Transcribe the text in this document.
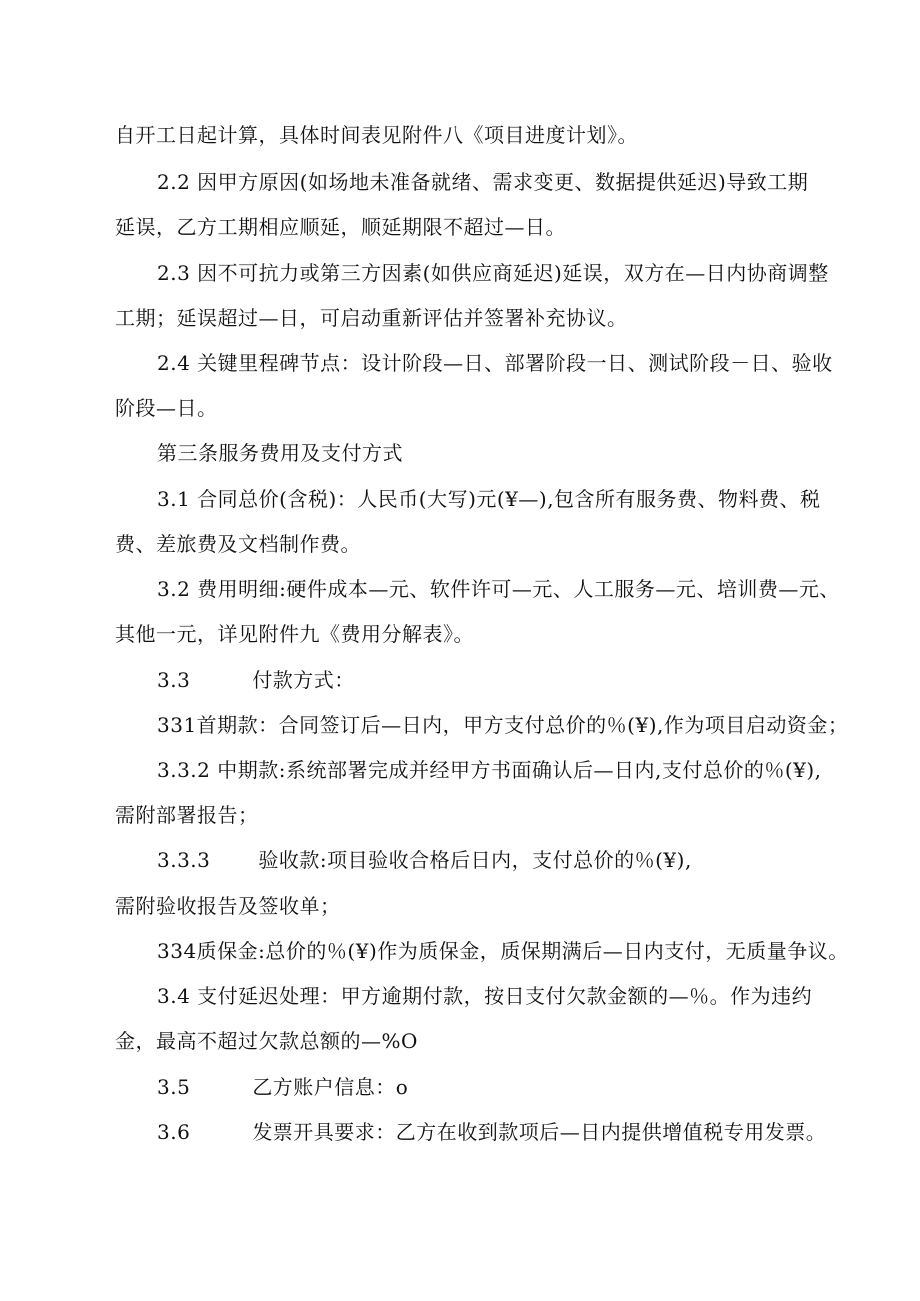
自开工日起计算，具体时间表见附件八《项目进度计划》。
2.2 因甲方原因(如场地未准备就绪、需求变更、数据提供延迟)导致工期
延误，乙方工期相应顺延，顺延期限不超过—日。
2.3 因不可抗力或第三方因素(如供应商延迟)延误，双方在—日内协商调整
工期；延误超过—日，可启动重新评估并签署补充协议。
2.4 关键里程碑节点：设计阶段—日、部署阶段一日、测试阶段－日、验收
阶段—日。
第三条服务费用及支付方式
3.1 合同总价(含税)：人民币(大写)元(¥—),包含所有服务费、物料费、税
费、差旅费及文档制作费。
3.2 费用明细:硬件成本—元、软件许可—元、人工服务—元、培训费—元、
其他一元，详见附件九《费用分解表》。
3.3	付款方式：
331首期款：合同签订后—日内，甲方支付总价的％(¥),作为项目启动资金；
3.3.2 中期款:系统部署完成并经甲方书面确认后—日内,支付总价的％(¥),
需附部署报告；
3.3.3 验收款:项目验收合格后日内，支付总价的％(¥),
需附验收报告及签收单；
334质保金:总价的％(¥)作为质保金，质保期满后—日内支付，无质量争议。
3.4 支付延迟处理：甲方逾期付款，按日支付欠款金额的—％。作为违约
金，最高不超过欠款总额的—%O
3.5	乙方账户信息：o
3.6	发票开具要求：乙方在收到款项后—日内提供增值税专用发票。
